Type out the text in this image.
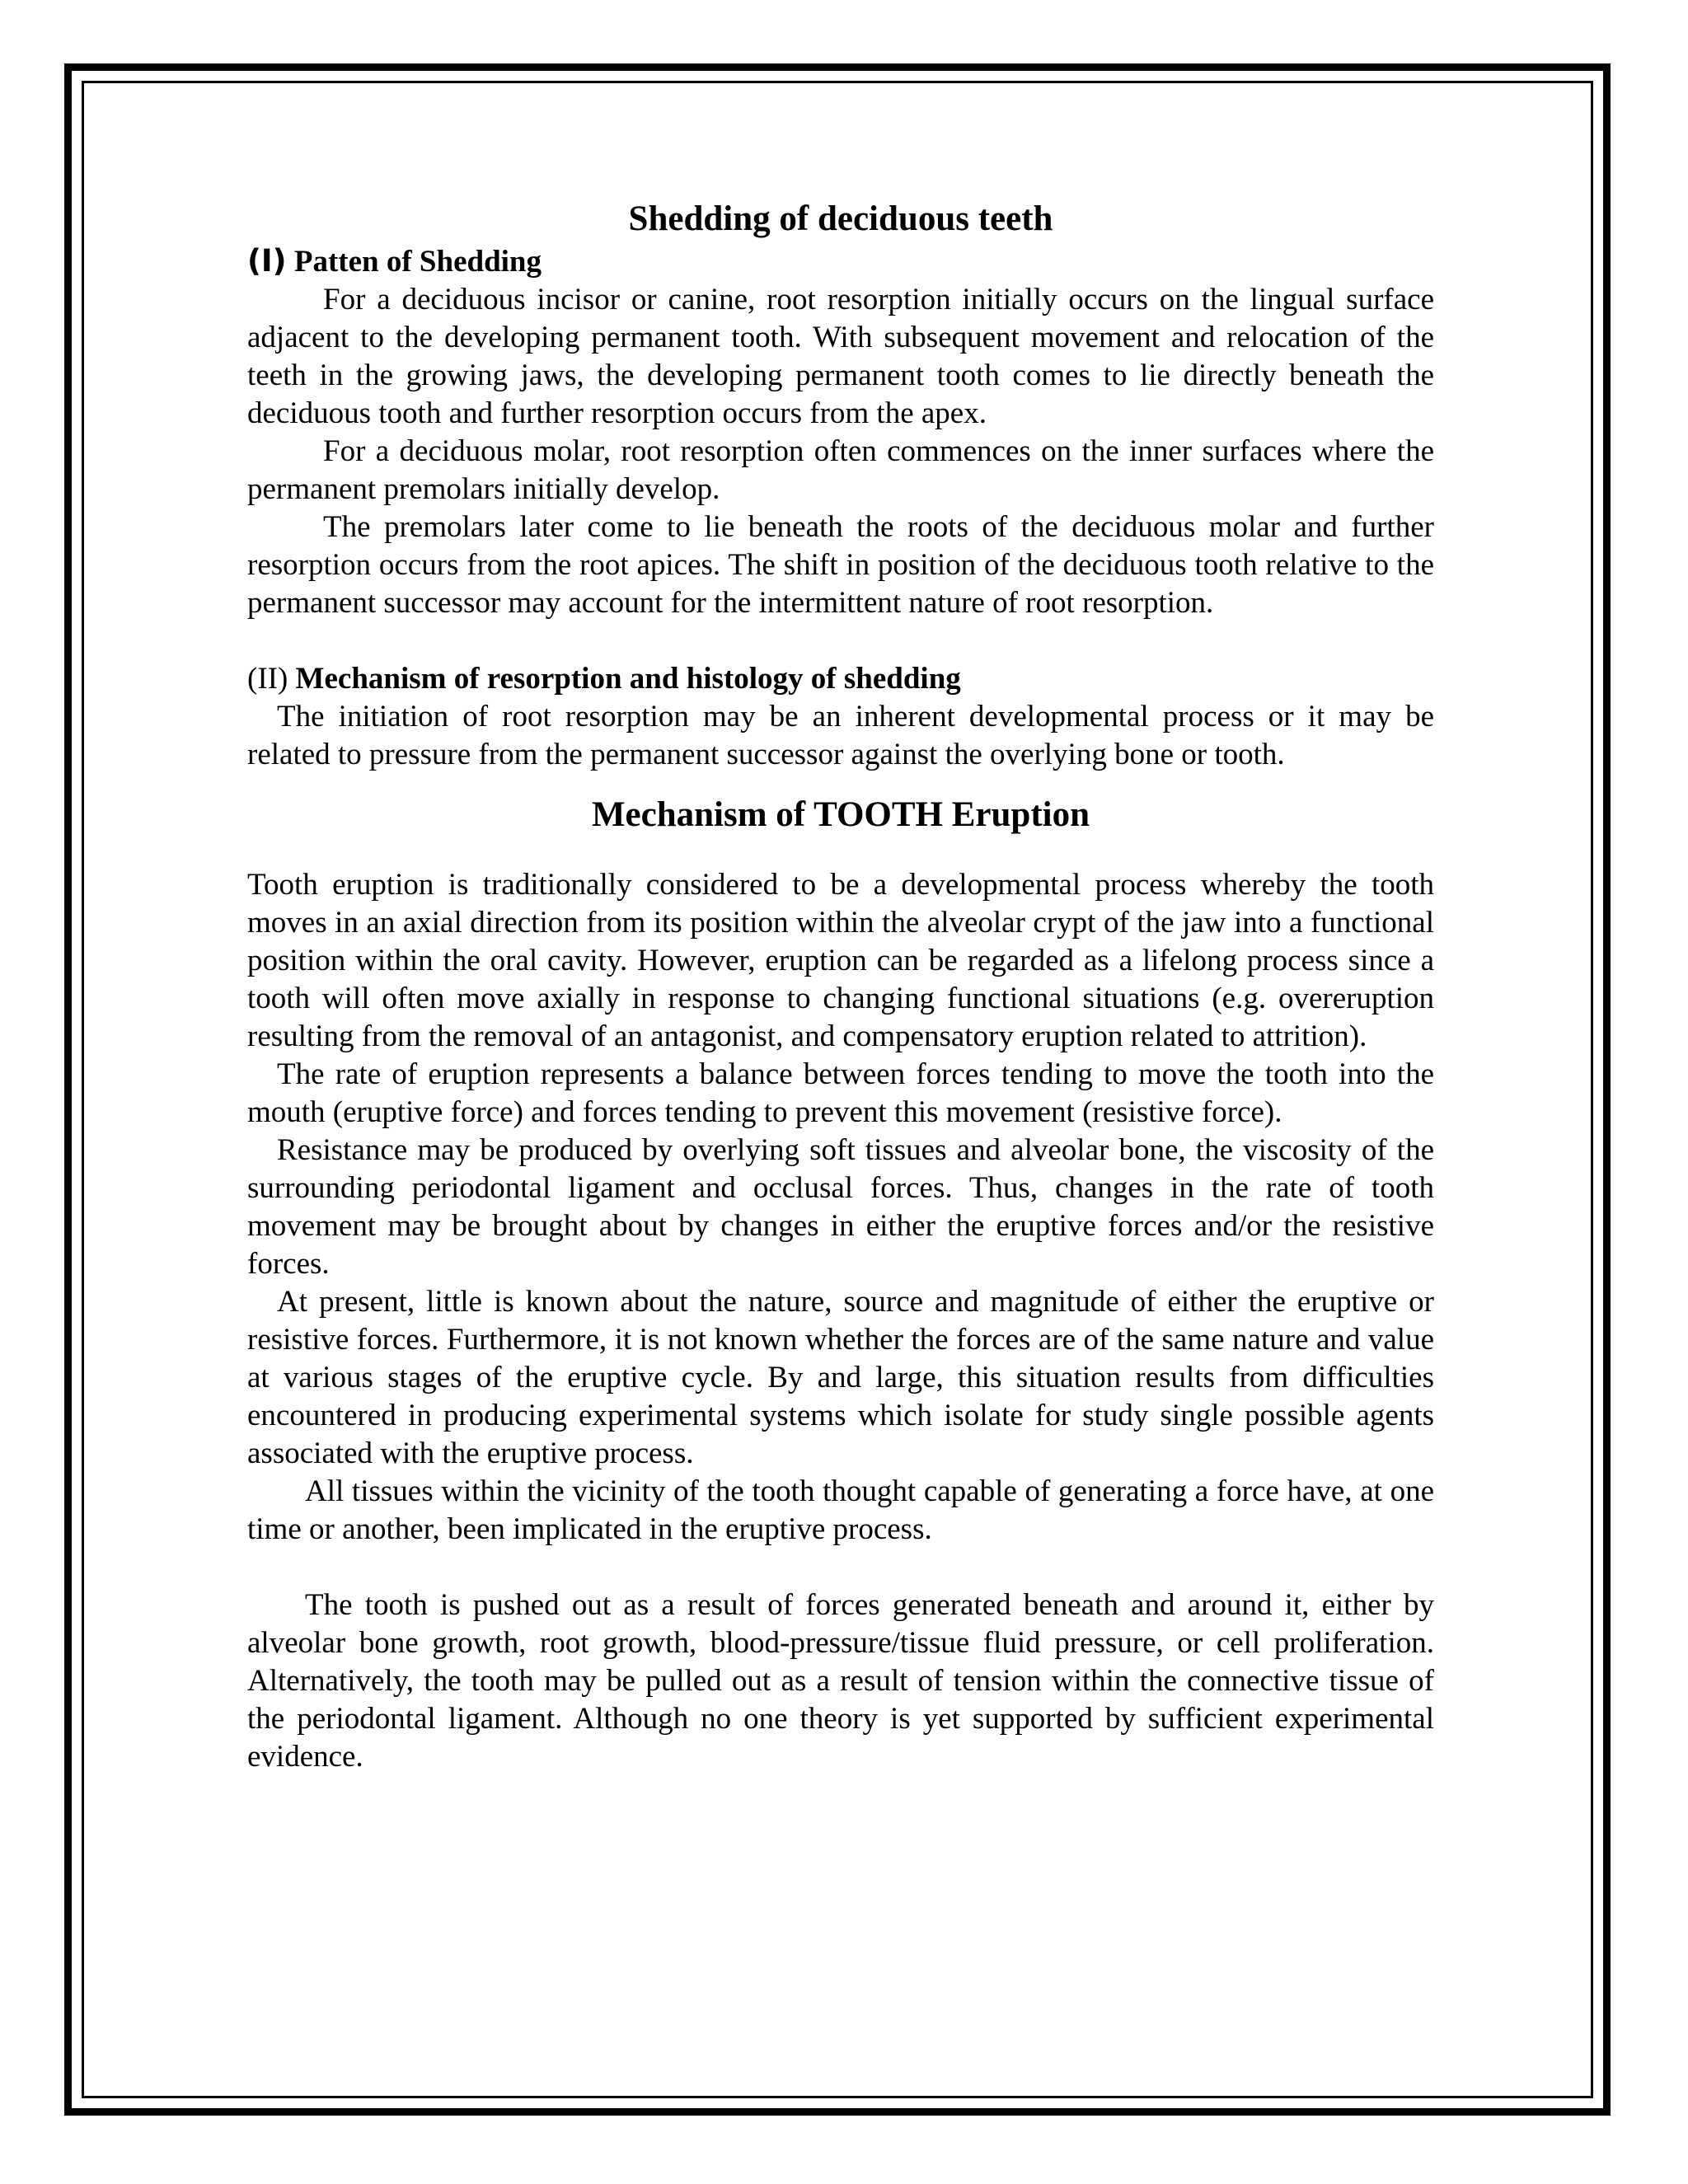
Shedding of deciduous teeth
(I) Patten of Shedding

For a deciduous incisor or canine, root resorption initially occurs on the lingual surface adjacent to the developing permanent tooth. With subsequent movement and relocation of the teeth in the growing jaws, the developing permanent tooth comes to lie directly beneath the deciduous tooth and further resorption occurs from the apex.

For a deciduous molar, root resorption often commences on the inner surfaces where the permanent premolars initially develop.

The premolars later come to lie beneath the roots of the deciduous molar and further resorption occurs from the root apices. The shift in position of the deciduous tooth relative to the permanent successor may account for the intermittent nature of root resorption.

(II) Mechanism of resorption and histology of shedding

The initiation of root resorption may be an inherent developmental process or it may be related to pressure from the permanent successor against the overlying bone or tooth.

Mechanism of TOOTH Eruption

Tooth eruption is traditionally considered to be a developmental process whereby the tooth moves in an axial direction from its position within the alveolar crypt of the jaw into a functional position within the oral cavity. However, eruption can be regarded as a lifelong process since a tooth will often move axially in response to changing functional situations (e.g. overeruption resulting from the removal of an antagonist, and compensatory eruption related to attrition).

The rate of eruption represents a balance between forces tending to move the tooth into the mouth (eruptive force) and forces tending to prevent this movement (resistive force).

Resistance may be produced by overlying soft tissues and alveolar bone, the viscosity of the surrounding periodontal ligament and occlusal forces. Thus, changes in the rate of tooth movement may be brought about by changes in either the eruptive forces and/or the resistive forces.

At present, little is known about the nature, source and magnitude of either the eruptive or resistive forces. Furthermore, it is not known whether the forces are of the same nature and value at various stages of the eruptive cycle. By and large, this situation results from difficulties encountered in producing experimental systems which isolate for study single possible agents associated with the eruptive process.

All tissues within the vicinity of the tooth thought capable of generating a force have, at one time or another, been implicated in the eruptive process.

The tooth is pushed out as a result of forces generated beneath and around it, either by alveolar bone growth, root growth, blood-pressure/tissue fluid pressure, or cell proliferation. Alternatively, the tooth may be pulled out as a result of tension within the connective tissue of the periodontal ligament. Although no one theory is yet supported by sufficient experimental evidence.
